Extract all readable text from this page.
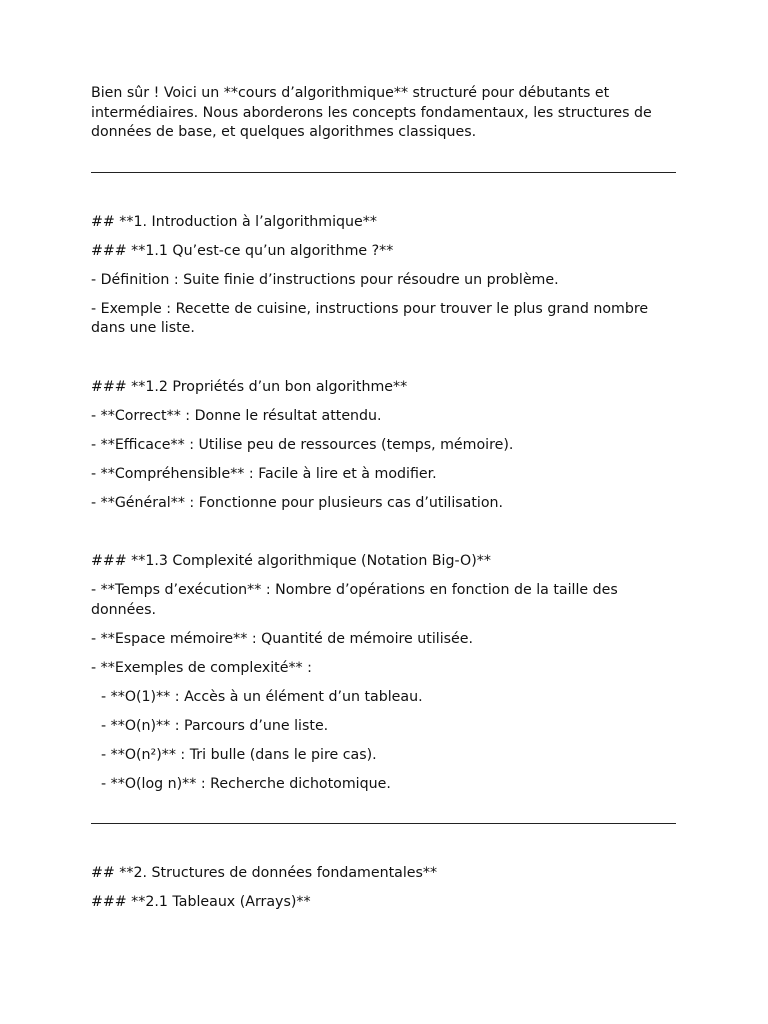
Bien sûr ! Voici un **cours d’algorithmique** structuré pour débutants et intermédiaires. Nous aborderons les concepts fondamentaux, les structures de données de base, et quelques algorithmes classiques.

## **1. Introduction à l’algorithmique**

### **1.1 Qu’est-ce qu’un algorithme ?**

- Définition : Suite finie d’instructions pour résoudre un problème.

- Exemple : Recette de cuisine, instructions pour trouver le plus grand nombre dans une liste.

### **1.2 Propriétés d’un bon algorithme**

- **Correct** : Donne le résultat attendu.

- **Efficace** : Utilise peu de ressources (temps, mémoire).

- **Compréhensible** : Facile à lire et à modifier.

- **Général** : Fonctionne pour plusieurs cas d’utilisation.

### **1.3 Complexité algorithmique (Notation Big-O)**

- **Temps d’exécution** : Nombre d’opérations en fonction de la taille des données.

- **Espace mémoire** : Quantité de mémoire utilisée.

- **Exemples de complexité** :

- **O(1)** : Accès à un élément d’un tableau.

- **O(n)** : Parcours d’une liste.

- **O(n²)** : Tri bulle (dans le pire cas).

- **O(log n)** : Recherche dichotomique.

## **2. Structures de données fondamentales**

### **2.1 Tableaux (Arrays)**
